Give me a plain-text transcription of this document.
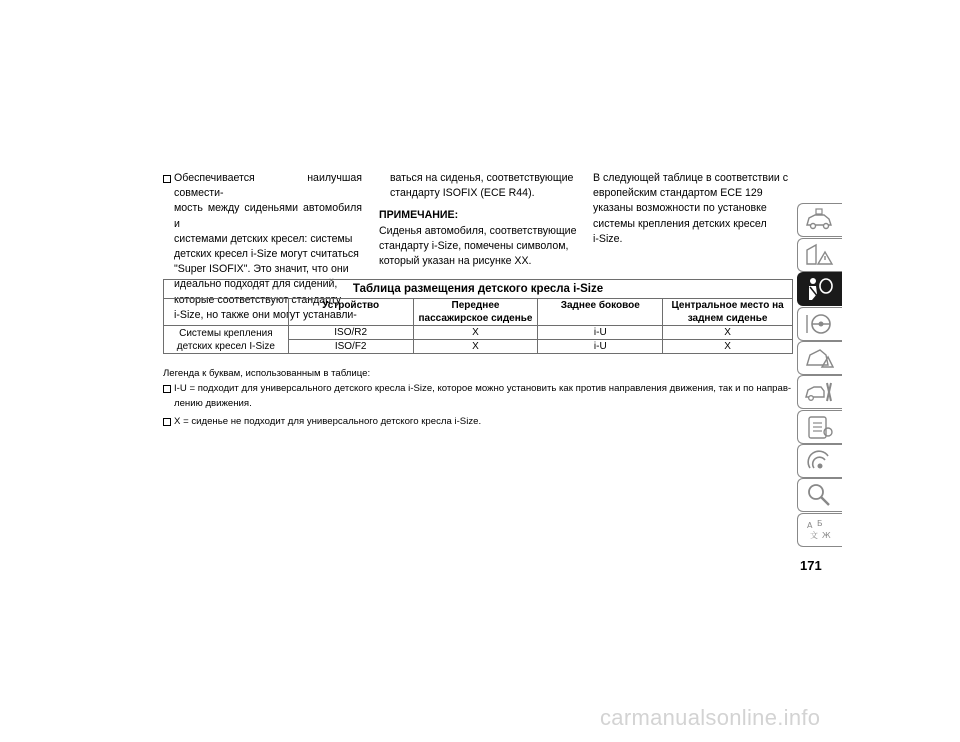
Обеспечивается наилучшая совмести-
мость между сиденьями автомобиля и
системами детских кресел: системы
детских кресел i-Size могут считаться
"Super ISOFIX". Это значит, что они
идеально подходят для сидений,
которые соответствуют стандарту
i-Size, но также они могут устанавли-

ваться на сиденья, соответствующие
стандарту ISOFIX (ECE R44).

ПРИМЕЧАНИЕ:

Сиденья автомобиля, соответствующие
стандарту i-Size, помечены символом,
который указан на рисунке XX.

В следующей таблице в соответствии с
европейским стандартом ECE 129
указаны возможности по установке
системы крепления детских кресел
i-Size.

Таблица размещения детского кресла i-Size				
	Устройство	Переднее пассажирское сиденье	Заднее боковое	Центральное место на заднем сиденье
Системы крепления детских кресел I-Size	ISO/R2	X	i-U	X
	ISO/F2	X	i-U	X

Легенда к буквам, использованным в таблице:

I-U = подходит для универсального детского кресла i-Size, которое можно установить как против направления движения, так и по направ-
лению движения.

X = сиденье не подходит для универсального детского кресла i-Size.

A Б
文 Ж
171
carmanualsonline.info
